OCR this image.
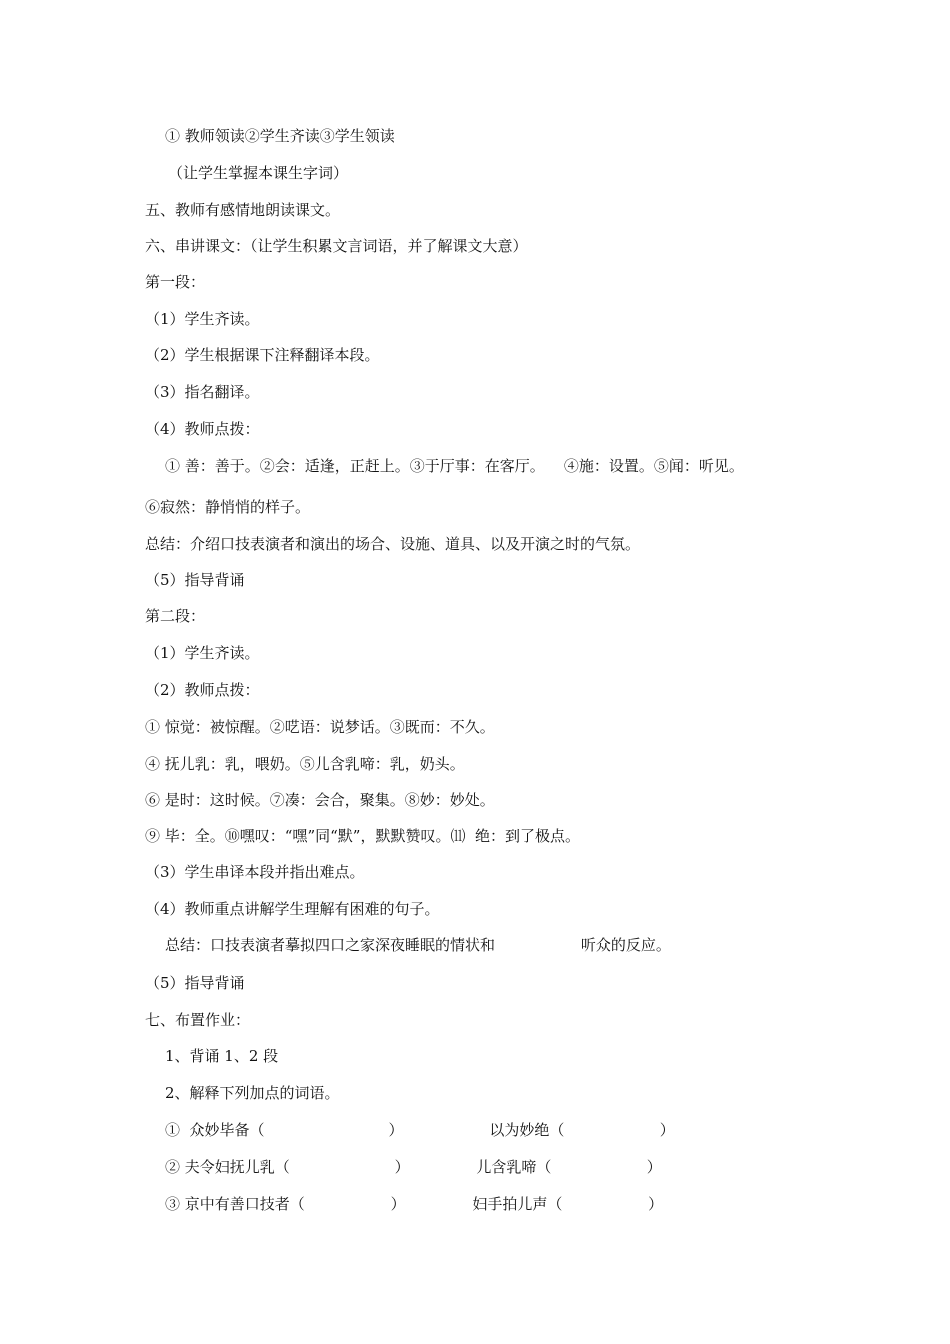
① 教师领读②学生齐读③学生领读
（让学生掌握本课生字词）
五、教师有感情地朗读课文。
六、串讲课文：（让学生积累文言词语，并了解课文大意）
第一段：
（1）学生齐读。
（2）学生根据课下注释翻译本段。
（3）指名翻译。
（4）教师点拨：
① 善：善于。②会：适逢，正赶上。③于厅事：在客厅。    ④施：设置。⑤闻：听见。
⑥寂然：静悄悄的样子。
总结：介绍口技表演者和演出的场合、设施、道具、以及开演之时的气氛。
（5）指导背诵
第二段：
（1）学生齐读。
（2）教师点拨：
① 惊觉：被惊醒。②呓语：说梦话。③既而：不久。
④ 抚儿乳：乳，喂奶。⑤儿含乳啼：乳，奶头。
⑥ 是时：这时候。⑦凑：会合，聚集。⑧妙：妙处。
⑨ 毕：全。⑩嘿叹：“嘿”同“默”，默默赞叹。⑾  绝：到了极点。
（3）学生串译本段并指出难点。
（4）教师重点讲解学生理解有困难的句子。
总结：口技表演者摹拟四口之家深夜睡眠的情状和                  听众的反应。
（5）指导背诵
七、布置作业：
1、背诵 1、2 段
2、解释下列加点的词语。
①  众妙毕备（                          ）                  以为妙绝（                    ）
② 夫令妇抚儿乳（                      ）              儿含乳啼（                    ）
③ 京中有善口技者（                  ）              妇手拍儿声（                  ）
